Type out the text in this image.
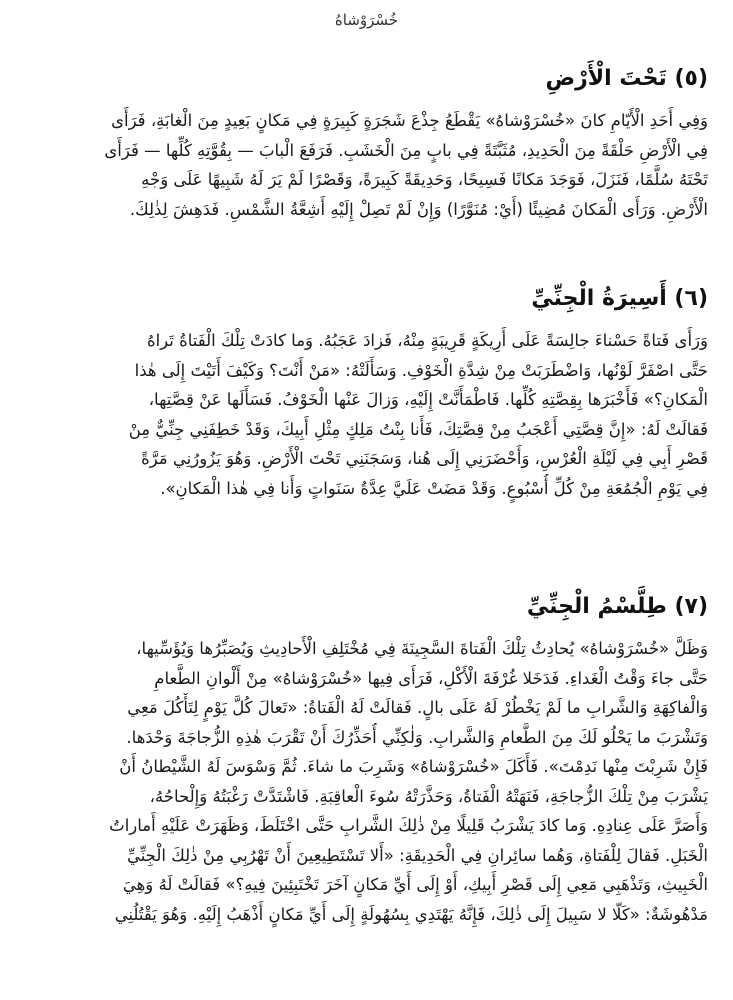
خُسْرَوْشاهُ
(٥) تَحْتَ الْأَرْضِ

وَفِي أَحَدِ الْأَيّامِ كانَ «خُسْرَوْشاهُ» يَقْطَعُ جِذْعَ شَجَرَةٍ كَبِيرَةٍ فِي مَكانٍ بَعِيدٍ مِنَ الْغابَةِ، فَرَأَى
فِي الْأَرْضِ حَلْقَةً مِنَ الْحَدِيدِ، مُثَبَّتَةً فِي بابٍ مِنَ الْخَشَبِ. فَرَفَعَ الْبابَ — بِقُوَّتِهِ كُلِّها — فَرَأَى
تَحْتَهُ سُلَّمًا، فَنَزَلَ، فَوَجَدَ مَكانًا فَسِيحًا، وَحَدِيقَةً كَبِيرَةً، وَقَصْرًا لَمْ يَرَ لَهُ شَبِيهًا عَلَى وَجْهِ
الْأَرْضِ. وَرَأَى الْمَكانَ مُضِيئًا (أَيْ: مُنَوَّرًا) وَإِنْ لَمْ تَصِلْ إِلَيْهِ أَشِعَّةُ الشَّمْسِ. فَدَهِشَ لِذٰلِكَ.

(٦) أَسِيرَةُ الْجِنِّيِّ

وَرَأَى فَتاةً حَسْناءَ جالِسَةً عَلَى أَرِيكَةٍ قَرِيبَةٍ مِنْهُ، فَزادَ عَجَبُهُ. وَما كادَتْ تِلْكَ الْفَتاةُ تَراهُ
حَتَّى اصْفَرَّ لَوْنُها، وَاضْطَرَبَتْ مِنْ شِدَّةِ الْخَوْفِ. وَسَأَلَتْهُ: «مَنْ أَنْتَ؟ وَكَيْفَ أَتَيْتَ إِلَى هٰذا
الْمَكانِ؟» فَأَخْبَرَها بِقِصَّتِهِ كُلِّها. فَاطْمَأَنَّتْ إِلَيْهِ، وَزالَ عَنْها الْخَوْفُ. فَسَأَلَها عَنْ قِصَّتِها،
فَقالَتْ لَهُ: «إِنَّ قِصَّتِي أَعْجَبُ مِنْ قِصَّتِكَ، فَأَنا بِنْتُ مَلِكٍ مِثْلِ أَبِيكَ، وَقَدْ خَطِفَنِي جِنِّيٌّ مِنْ
قَصْرِ أَبِي فِي لَيْلَةِ الْعُرْسِ، وَأَحْضَرَنِي إِلَى هُنا، وَسَجَنَنِي تَحْتَ الْأَرْضِ. وَهُوَ يَزُورُنِي مَرَّةً
فِي يَوْمِ الْجُمُعَةِ مِنْ كُلِّ أُسْبُوعٍ. وَقَدْ مَضَتْ عَلَيَّ عِدَّةُ سَنَواتٍ وَأَنا فِي هٰذا الْمَكانِ».

(٧) طِلَّسْمُ الْجِنِّيِّ

وَظَلَّ «خُسْرَوْشاهُ» يُحادِثُ تِلْكَ الْفَتاةَ السَّجِينَةَ فِي مُخْتَلِفِ الْأَحادِيثِ وَيُصَبِّرُها وَيُؤَسِّيها،
حَتَّى جاءَ وَقْتُ الْغَداءِ. فَدَخَلا غُرْفَةَ الْأَكْلِ، فَرَأَى فِيها «خُسْرَوْشاهُ» مِنْ أَلْوانِ الطَّعامِ
وَالْفاكِهَةِ وَالشَّرابِ ما لَمْ يَخْطُرْ لَهُ عَلَى بالٍ. فَقالَتْ لَهُ الْفَتاةُ: «تَعالَ كُلَّ يَوْمٍ لِتَأْكُلَ مَعِي
وَتَشْرَبَ ما يَحْلُو لَكَ مِنَ الطَّعامِ وَالشَّرابِ. وَلٰكِنِّي أُحَذِّرُكَ أَنْ تَقْرَبَ هٰذِهِ الزُّجاجَةَ وَحْدَها.
فَإِنْ شَرِبْتَ مِنْها نَدِمْتَ». فَأَكَلَ «خُسْرَوْشاهُ» وَشَرِبَ ما شاءَ. ثُمَّ وَسْوَسَ لَهُ الشَّيْطانُ أَنْ
يَشْرَبَ مِنْ تِلْكَ الزُّجاجَةِ، فَنَهَتْهُ الْفَتاةُ، وَحَذَّرَتْهُ سُوءَ الْعاقِبَةِ. فَاشْتَدَّتْ رَغْبَتُهُ وَإِلْحاحُهُ،
وَأَصَرَّ عَلَى عِنادِهِ. وَما كادَ يَشْرَبُ قَلِيلًا مِنْ ذٰلِكَ الشَّرابِ حَتَّى اخْتَلَطَ، وَظَهَرَتْ عَلَيْهِ أَماراتُ
الْخَبَلِ. فَقالَ لِلْفَتاةِ، وَهُما سائِرانِ فِي الْحَدِيقَةِ: «أَلا تَسْتَطِيعِينَ أَنْ تَهْرُبِي مِنْ ذٰلِكَ الْجِنِّيِّ
الْخَبِيثِ، وَتَذْهَبِي مَعِي إِلَى قَصْرِ أَبِيكِ، أَوْ إِلَى أَيِّ مَكانٍ آخَرَ تَخْتَبِئِينَ فِيهِ؟» فَقالَتْ لَهُ وَهِيَ
مَدْهُوشَةٌ: «كَلّا لا سَبِيلَ إِلَى ذٰلِكَ، فَإِنَّهُ يَهْتَدِي بِسُهُولَةٍ إِلَى أَيِّ مَكانٍ أَذْهَبُ إِلَيْهِ. وَهُوَ يَقْتُلُنِي
